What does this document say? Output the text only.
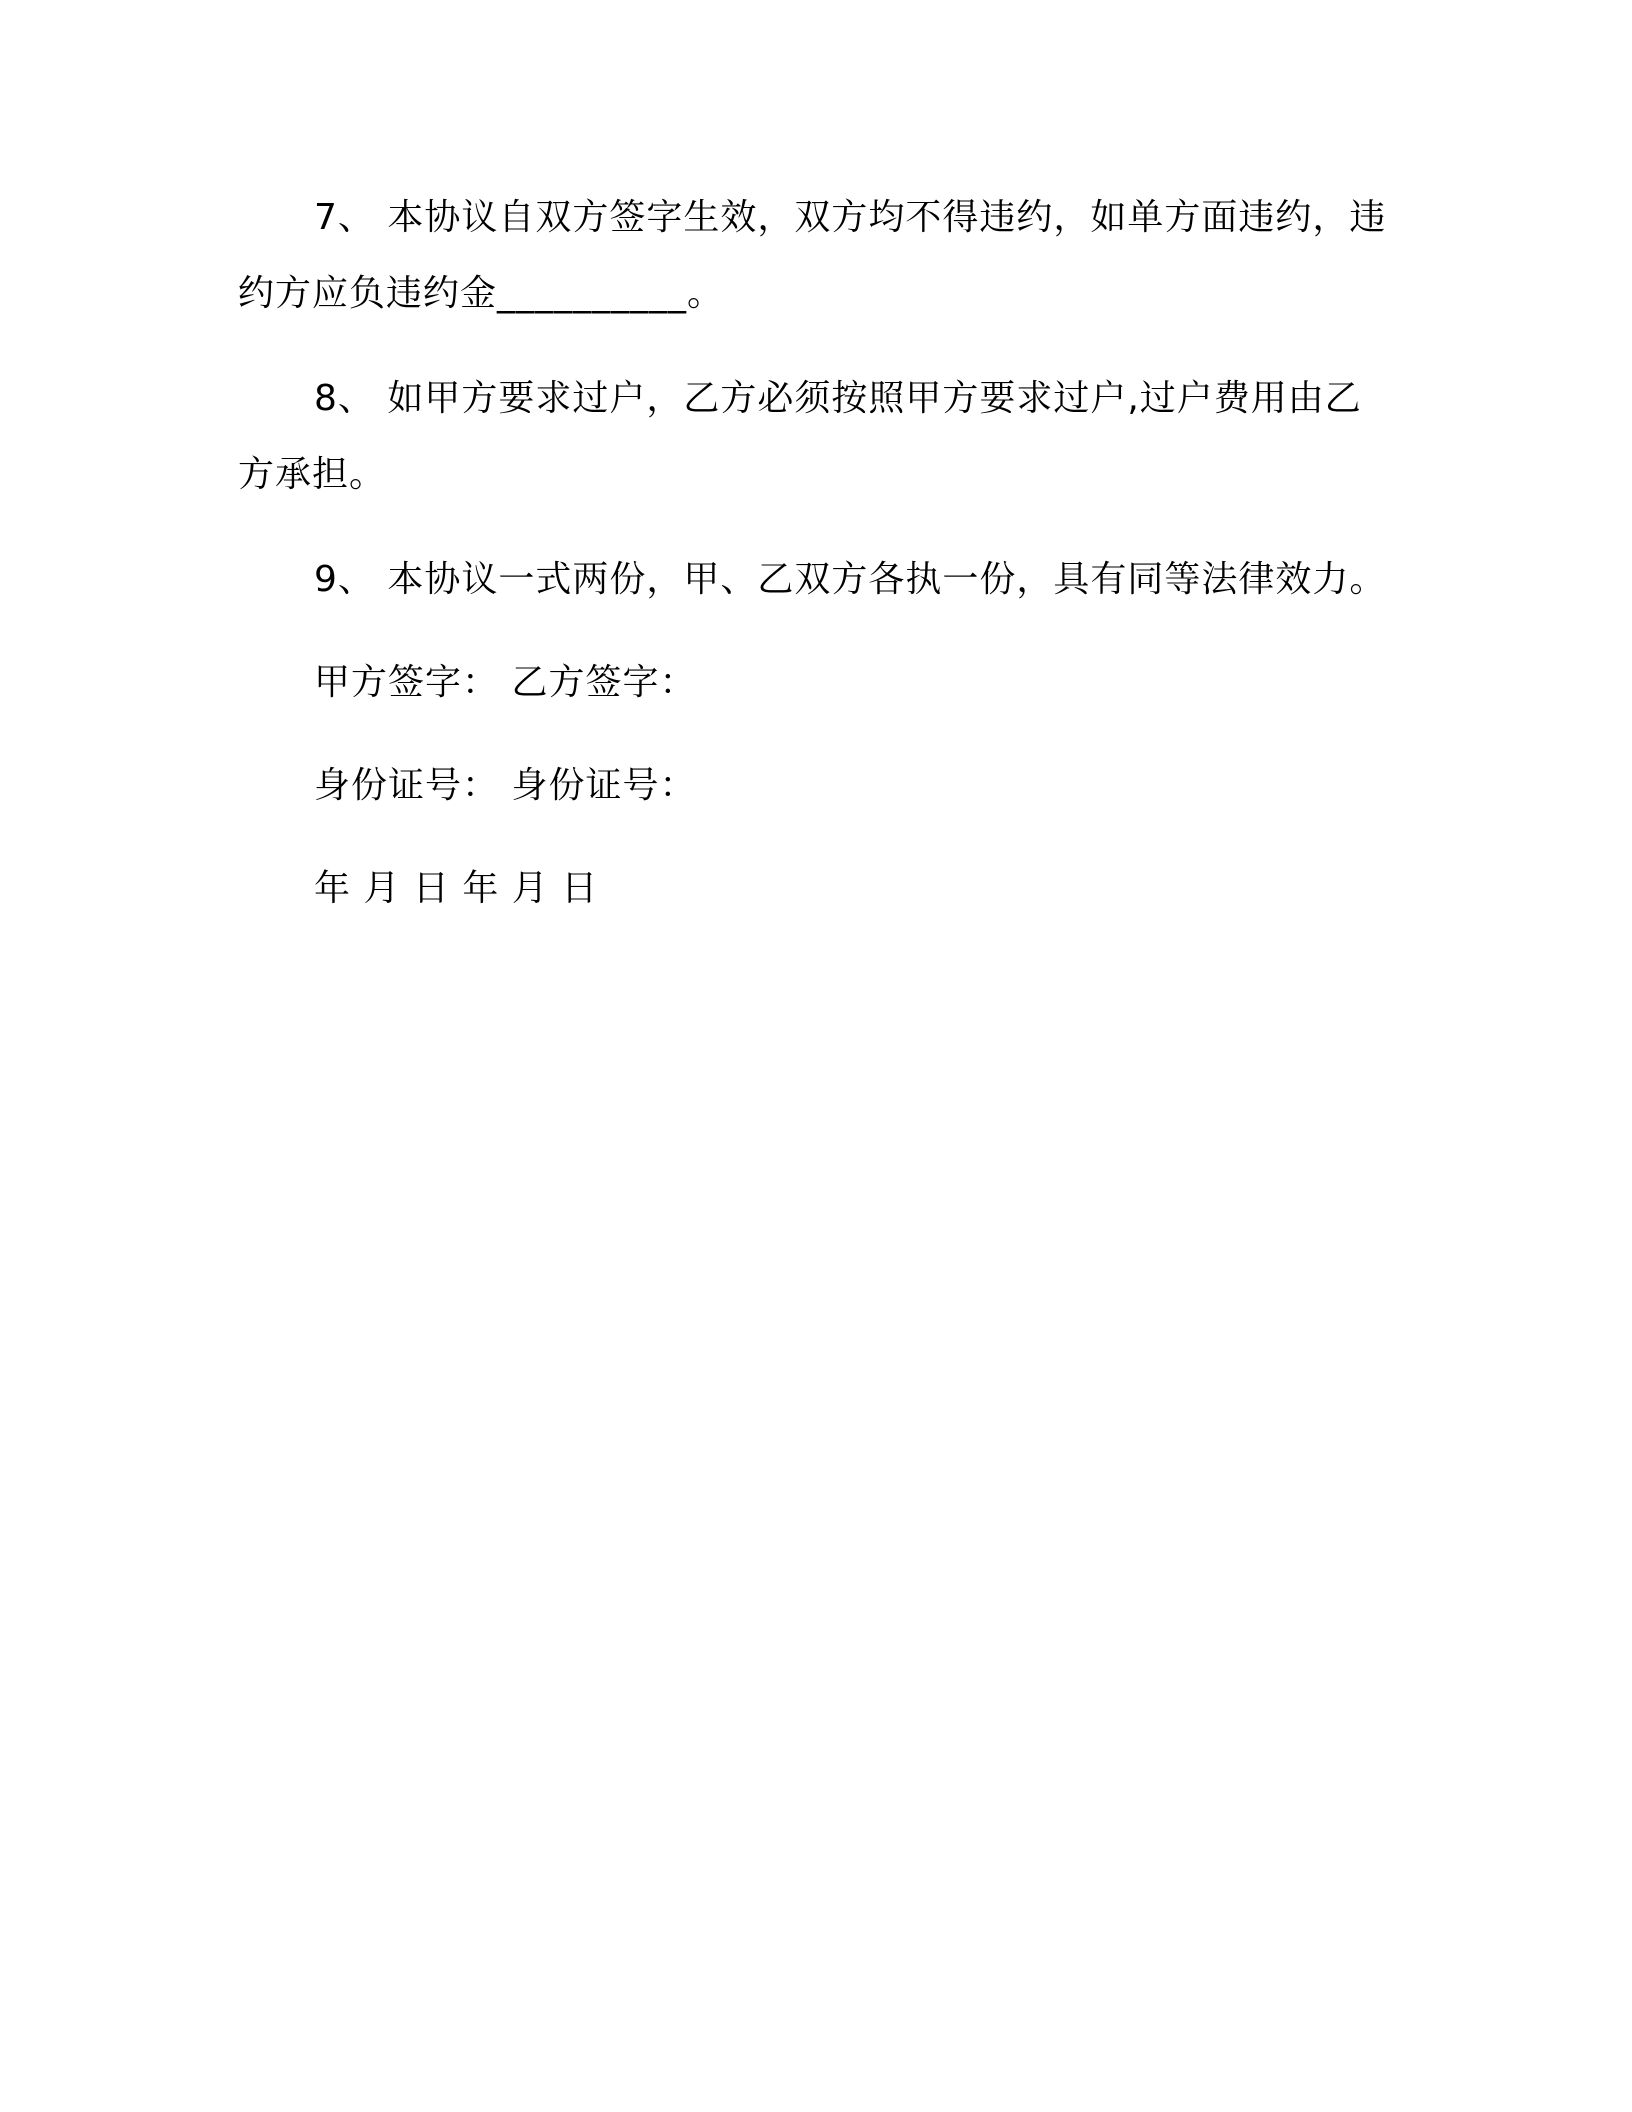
7、 本协议自双方签字生效，双方均不得违约，如单方面违约，违
约方应负违约金__________。
8、 如甲方要求过户，乙方必须按照甲方要求过户,过户费用由乙
方承担。
9、 本协议一式两份，甲、乙双方各执一份，具有同等法律效力。
甲方签字： 乙方签字：
身份证号： 身份证号：
年 月 日 年 月 日
